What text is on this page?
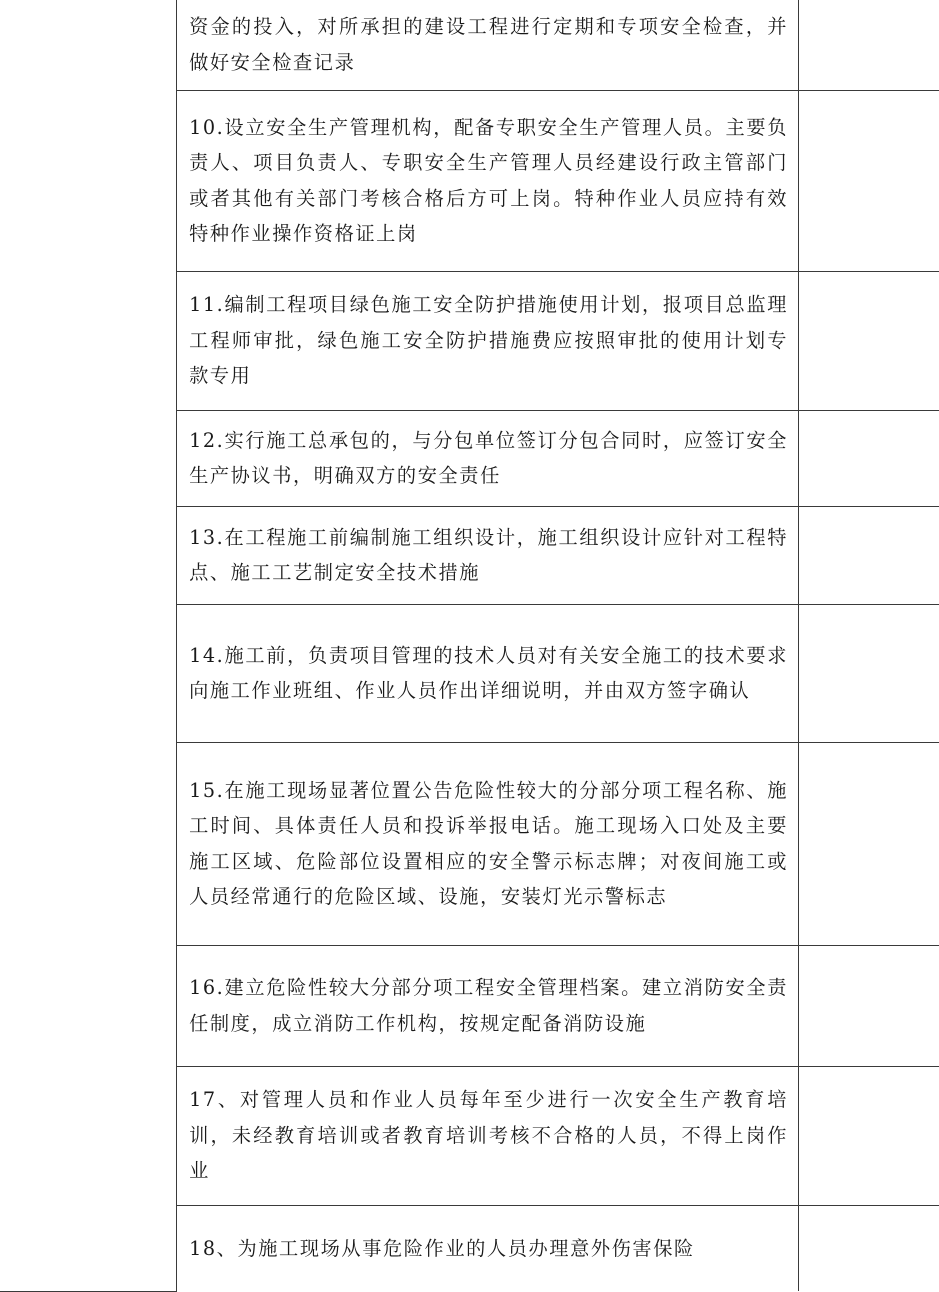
	资金的投入，对所承担的建设工程进行定期和专项安全检查，并做好安全检查记录	

	10.设立安全生产管理机构，配备专职安全生产管理人员。主要负责人、项目负责人、专职安全生产管理人员经建设行政主管部门或者其他有关部门考核合格后方可上岗。特种作业人员应持有效特种作业操作资格证上岗	

	11.编制工程项目绿色施工安全防护措施使用计划，报项目总监理工程师审批，绿色施工安全防护措施费应按照审批的使用计划专款专用	

	12.实行施工总承包的，与分包单位签订分包合同时，应签订安全生产协议书，明确双方的安全责任	

	13.在工程施工前编制施工组织设计，施工组织设计应针对工程特点、施工工艺制定安全技术措施	

	14.施工前，负责项目管理的技术人员对有关安全施工的技术要求向施工作业班组、作业人员作出详细说明，并由双方签字确认	

	15.在施工现场显著位置公告危险性较大的分部分项工程名称、施工时间、具体责任人员和投诉举报电话。施工现场入口处及主要施工区域、危险部位设置相应的安全警示标志牌；对夜间施工或人员经常通行的危险区域、设施，安装灯光示警标志	

	16.建立危险性较大分部分项工程安全管理档案。建立消防安全责任制度，成立消防工作机构，按规定配备消防设施	

	17、对管理人员和作业人员每年至少进行一次安全生产教育培训，未经教育培训或者教育培训考核不合格的人员，不得上岗作业	

	18、为施工现场从事危险作业的人员办理意外伤害保险	
